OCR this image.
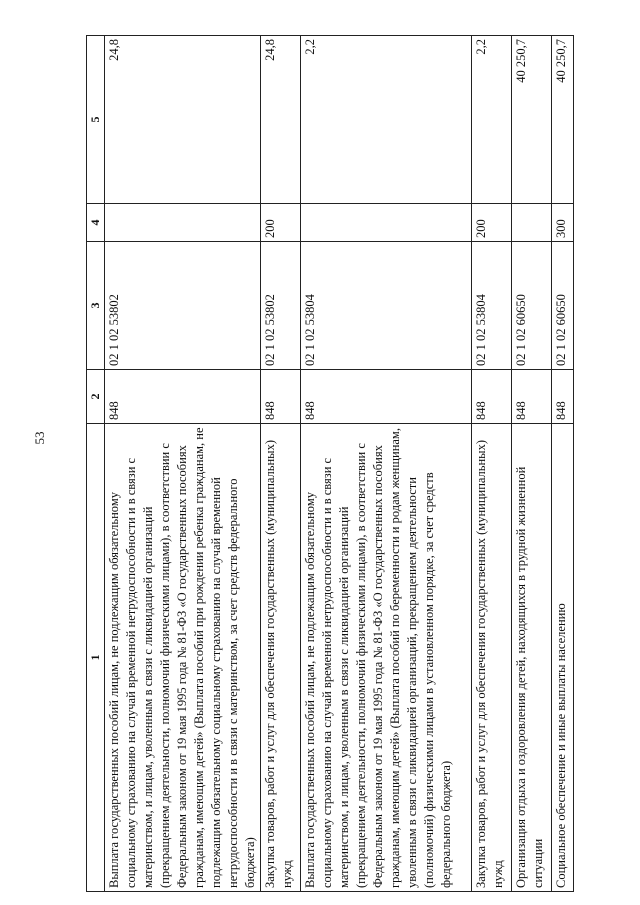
53
1	2	3	4	5
Выплата государственных пособий лицам, не подлежащим обязательному социальному страхованию на случай временной нетрудоспособности и в связи с материнством, и лицам, уволенным в связи с ликвидацией организаций (прекращением деятельности, полномочий физическими лицами), в соответствии с Федеральным законом от 19 мая 1995 года № 81-ФЗ «О государственных пособиях гражданам, имеющим детей» (Выплата пособий при рождении ребенка гражданам, не подлежащим обязательному социальному страхованию на случай временной нетрудоспособности и в связи с материнством, за счет средств федерального бюджета)	848	02 1 02 53802		24,8
Закупка товаров, работ и услуг для обеспечения государственных (муниципальных) нужд	848	02 1 02 53802	200	24,8
Выплата государственных пособий лицам, не подлежащим обязательному социальному страхованию на случай временной нетрудоспособности и в связи с материнством, и лицам, уволенным в связи с ликвидацией организаций (прекращением деятельности, полномочий физическими лицами), в соответствии с Федеральным законом от 19 мая 1995 года № 81-ФЗ «О государственных пособиях гражданам, имеющим детей» (Выплата пособий по беременности и родам женщинам, уволенным в связи с ликвидацией организаций, прекращением деятельности (полномочий) физическими лицами в установленном порядке, за счет средств федерального бюджета)	848	02 1 02 53804		2,2
Закупка товаров, работ и услуг для обеспечения государственных (муниципальных) нужд	848	02 1 02 53804	200	2,2
Организация отдыха и оздоровления детей, находящихся в трудной жизненной ситуации	848	02 1 02 60650		40 250,7
Социальное обеспечение и иные выплаты населению	848	02 1 02 60650	300	40 250,7
